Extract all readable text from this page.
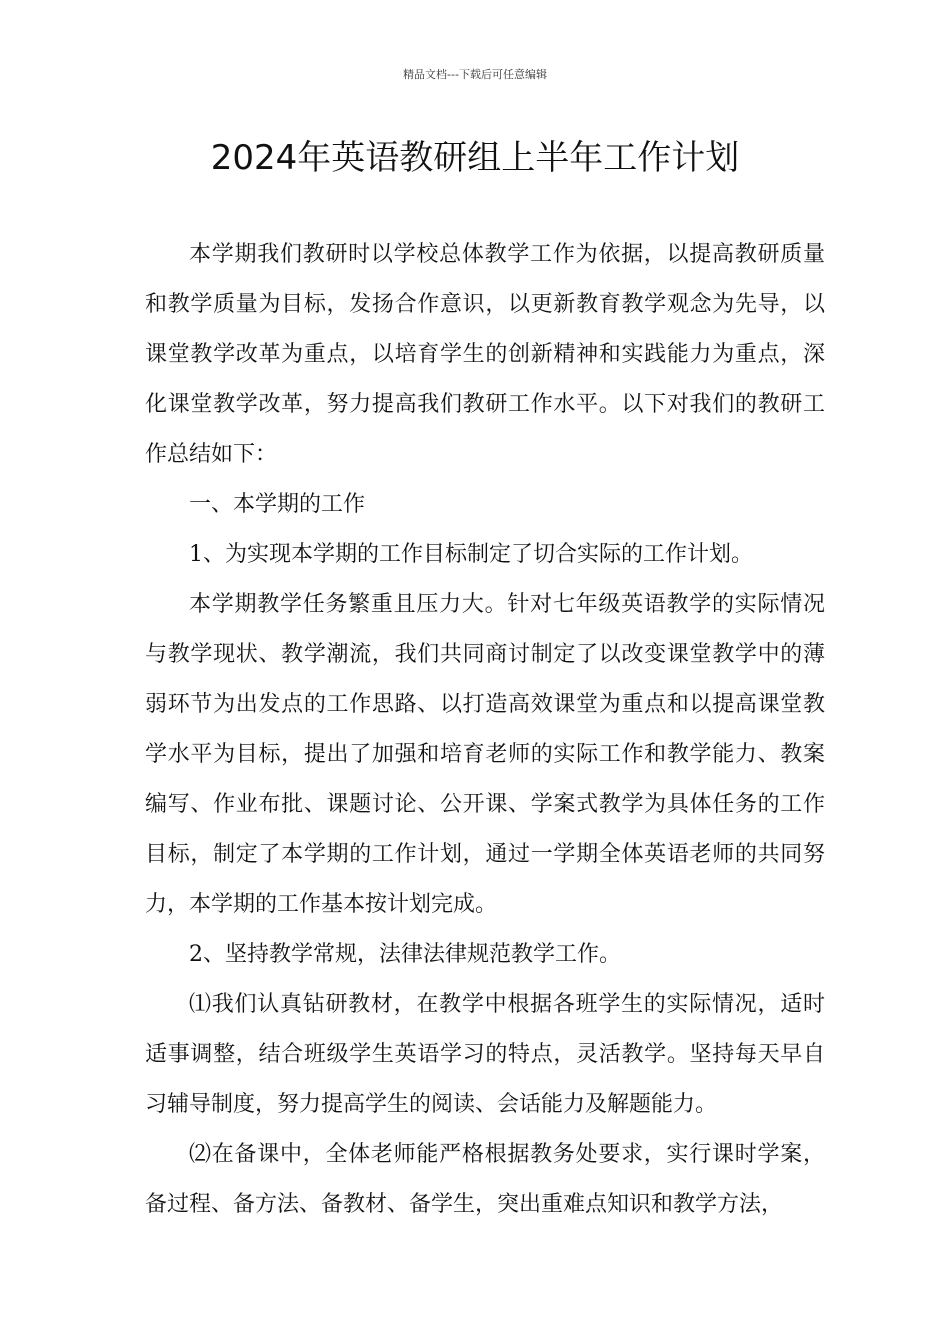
精品文档---下载后可任意编辑
2024年英语教研组上半年工作计划

本学期我们教研时以学校总体教学工作为依据，以提高教研质量和教学质量为目标，发扬合作意识，以更新教育教学观念为先导，以课堂教学改革为重点，以培育学生的创新精神和实践能力为重点，深化课堂教学改革，努力提高我们教研工作水平。以下对我们的教研工作总结如下：

一、本学期的工作

1、为实现本学期的工作目标制定了切合实际的工作计划。

本学期教学任务繁重且压力大。针对七年级英语教学的实际情况与教学现状、教学潮流，我们共同商讨制定了以改变课堂教学中的薄弱环节为出发点的工作思路、以打造高效课堂为重点和以提高课堂教学水平为目标，提出了加强和培育老师的实际工作和教学能力、教案编写、作业布批、课题讨论、公开课、学案式教学为具体任务的工作目标，制定了本学期的工作计划，通过一学期全体英语老师的共同努力，本学期的工作基本按计划完成。

2、坚持教学常规，法律法律规范教学工作。

⑴我们认真钻研教材，在教学中根据各班学生的实际情况，适时适事调整，结合班级学生英语学习的特点，灵活教学。坚持每天早自习辅导制度，努力提高学生的阅读、会话能力及解题能力。

⑵在备课中，全体老师能严格根据教务处要求，实行课时学案，备过程、备方法、备教材、备学生，突出重难点知识和教学方法，
